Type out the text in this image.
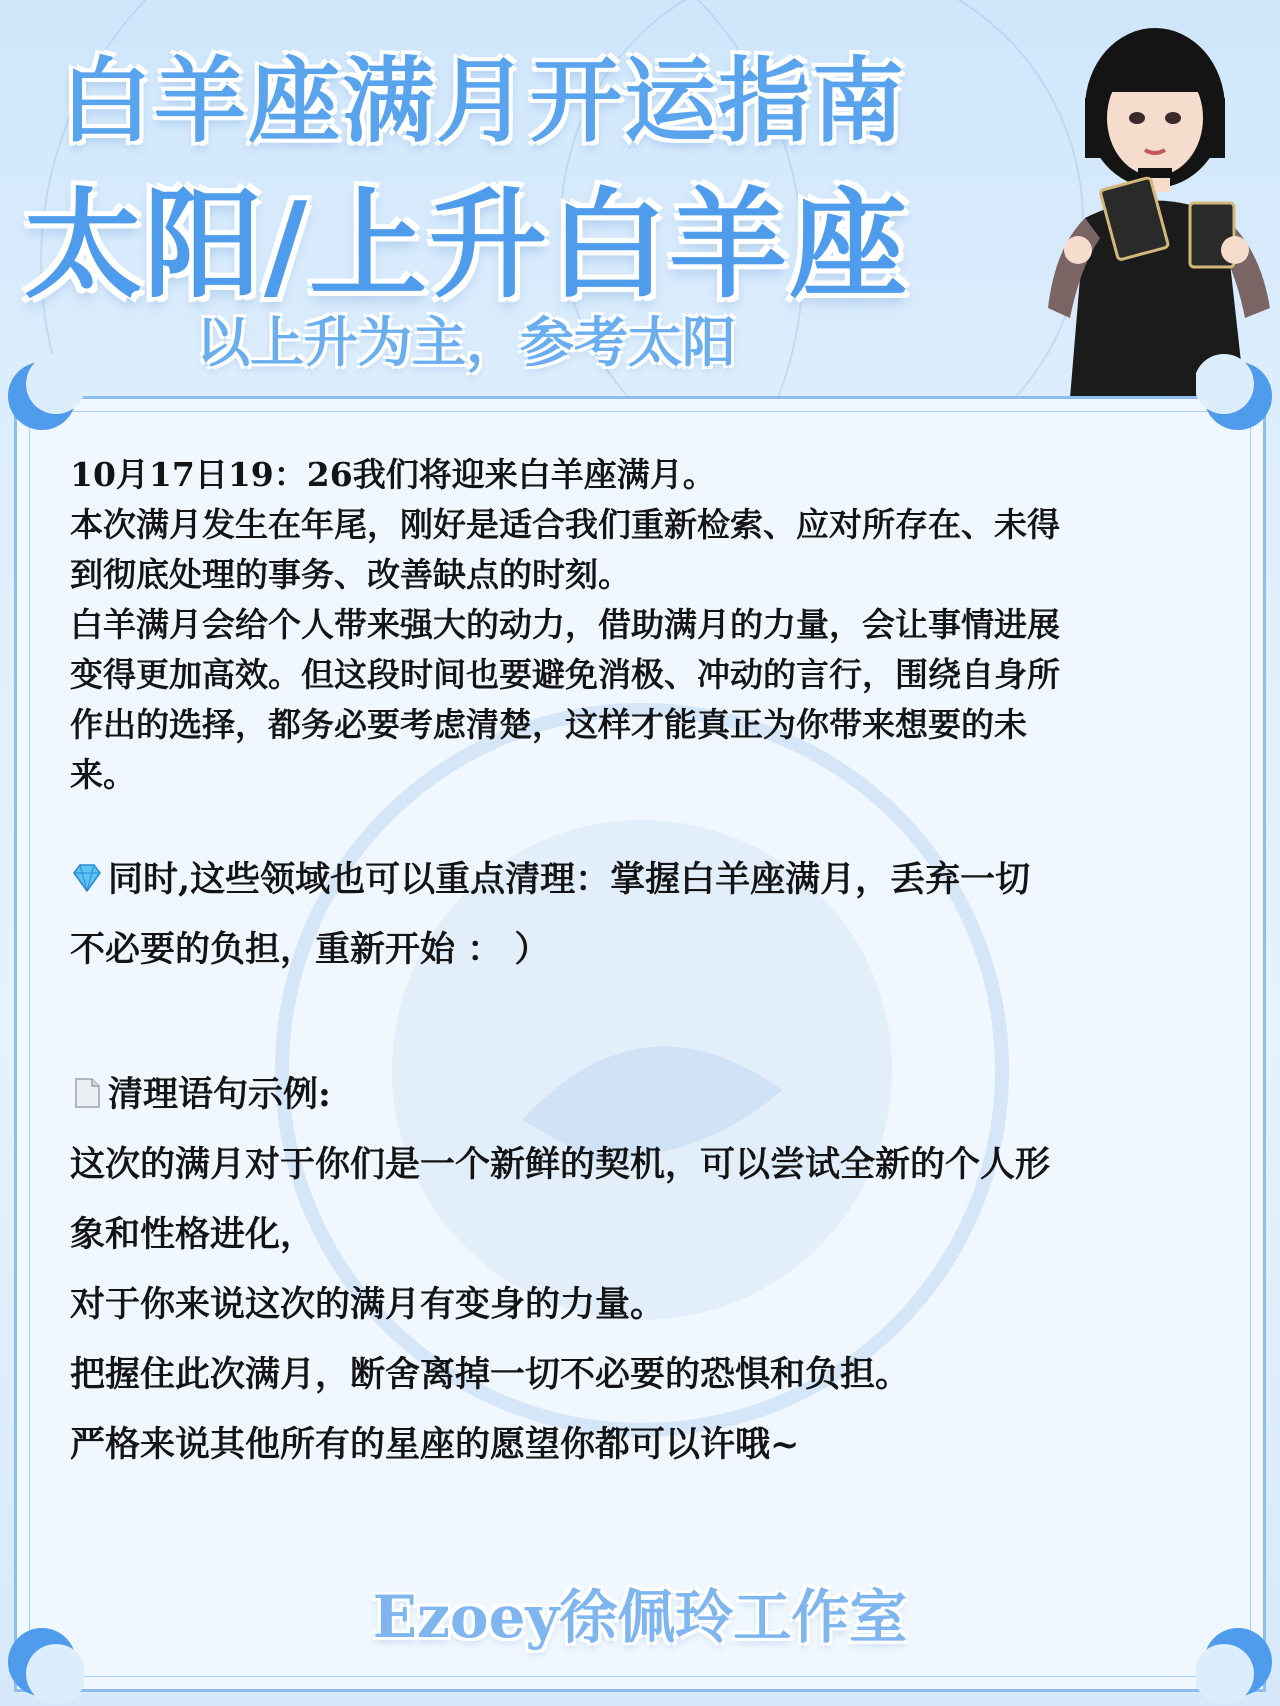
白羊座满月开运指南
太阳/上升白羊座
以上升为主，参考太阳
10月17日19：26我们将迎来白羊座满月。
本次满月发生在年尾，刚好是适合我们重新检索、应对所存在、未得
到彻底处理的事务、改善缺点的时刻。
白羊满月会给个人带来强大的动力，借助满月的力量，会让事情进展
变得更加高效。但这段时间也要避免消极、冲动的言行，围绕自身所
作出的选择，都务必要考虑清楚，这样才能真正为你带来想要的未
来。
同时,这些领域也可以重点清理：掌握白羊座满月，丢弃一切
不必要的负担，重新开始 ： ）
清理语句示例:
这次的满月对于你们是一个新鲜的契机，可以尝试全新的个人形
象和性格进化，
对于你来说这次的满月有变身的力量。
把握住此次满月，断舍离掉一切不必要的恐惧和负担。
严格来说其他所有的星座的愿望你都可以许哦~
Ezoey徐佩玲工作室
